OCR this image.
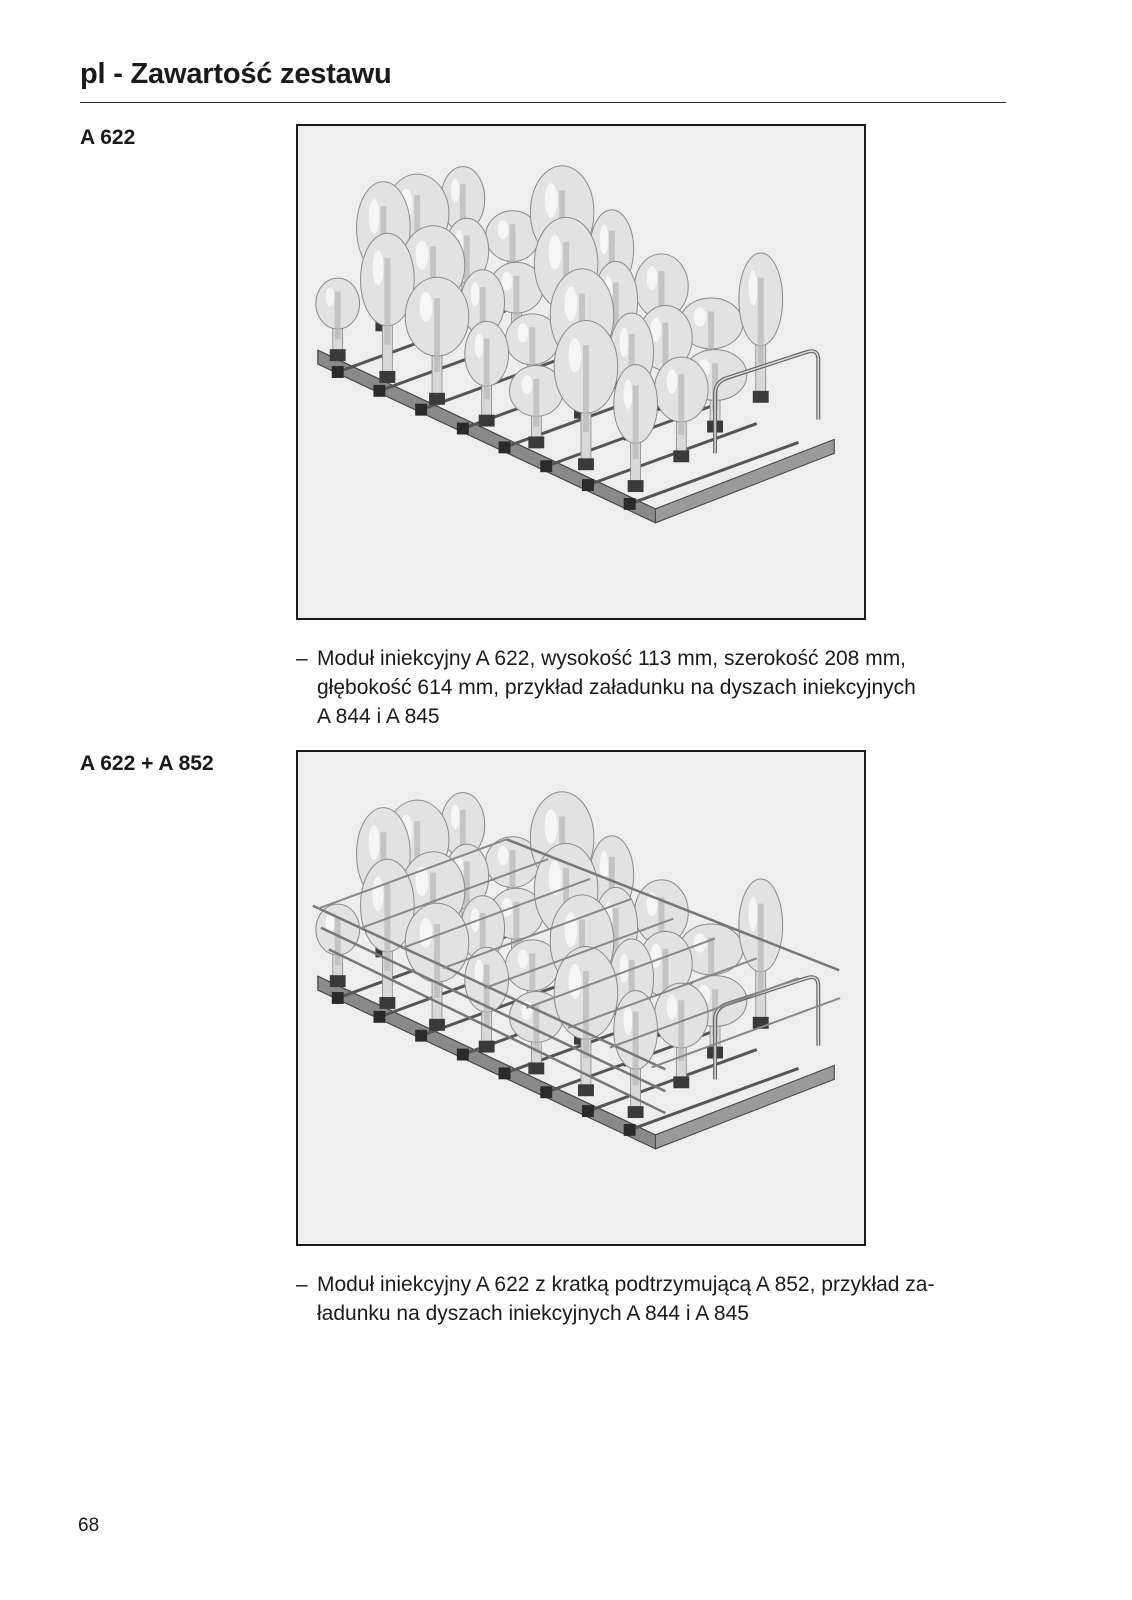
pl - Zawartość zestawu

A 622

– Moduł iniekcyjny A 622, wysokość 113 mm, szerokość 208 mm,
głębokość 614 mm, przykład załadunku na dyszach iniekcyjnych
A 844 i A 845

A 622 + A 852

– Moduł iniekcyjny A 622 z kratką podtrzymującą A 852, przykład za-
ładunku na dyszach iniekcyjnych A 844 i A 845

68
